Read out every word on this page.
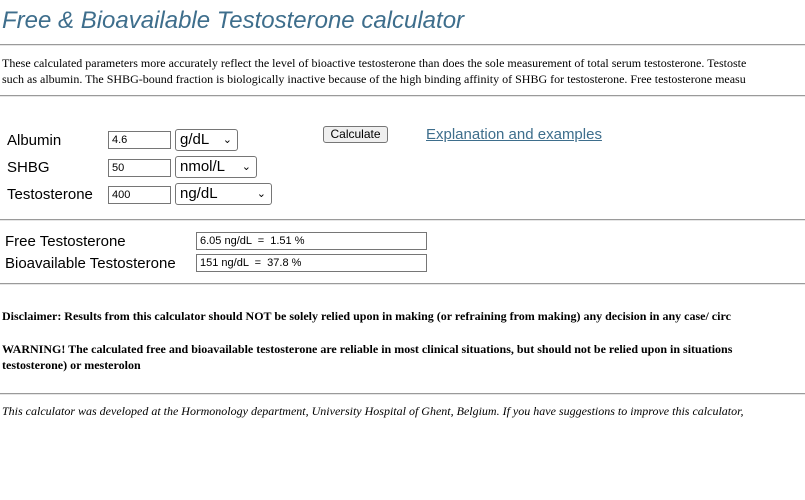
Free & Bioavailable Testosterone calculator
These calculated parameters more accurately reflect the level of bioactive testosterone than does the sole measurement of total serum testosterone. Testoste
such as albumin. The SHBG-bound fraction is biologically inactive because of the high binding affinity of SHBG for testosterone. Free testosterone measu
Albumin	4.6	g/dL ⌄
SHBG	50	nmol/L ⌄
Testosterone	400	ng/dL	⌄
Calculate	Explanation and examples
Free Testosterone	6.05 ng/dL  =  1.51 %
Bioavailable Testosterone	151 ng/dL  =  37.8 %
Disclaimer: Results from this calculator should NOT be solely relied upon in making (or refraining from making) any decision in any case/ circ
WARNING! The calculated free and bioavailable testosterone are reliable in most clinical situations, but should not be relied upon in situations
testosterone) or mesterolon
This calculator was developed at the Hormonology department, University Hospital of Ghent, Belgium. If you have suggestions to improve this calculator,
